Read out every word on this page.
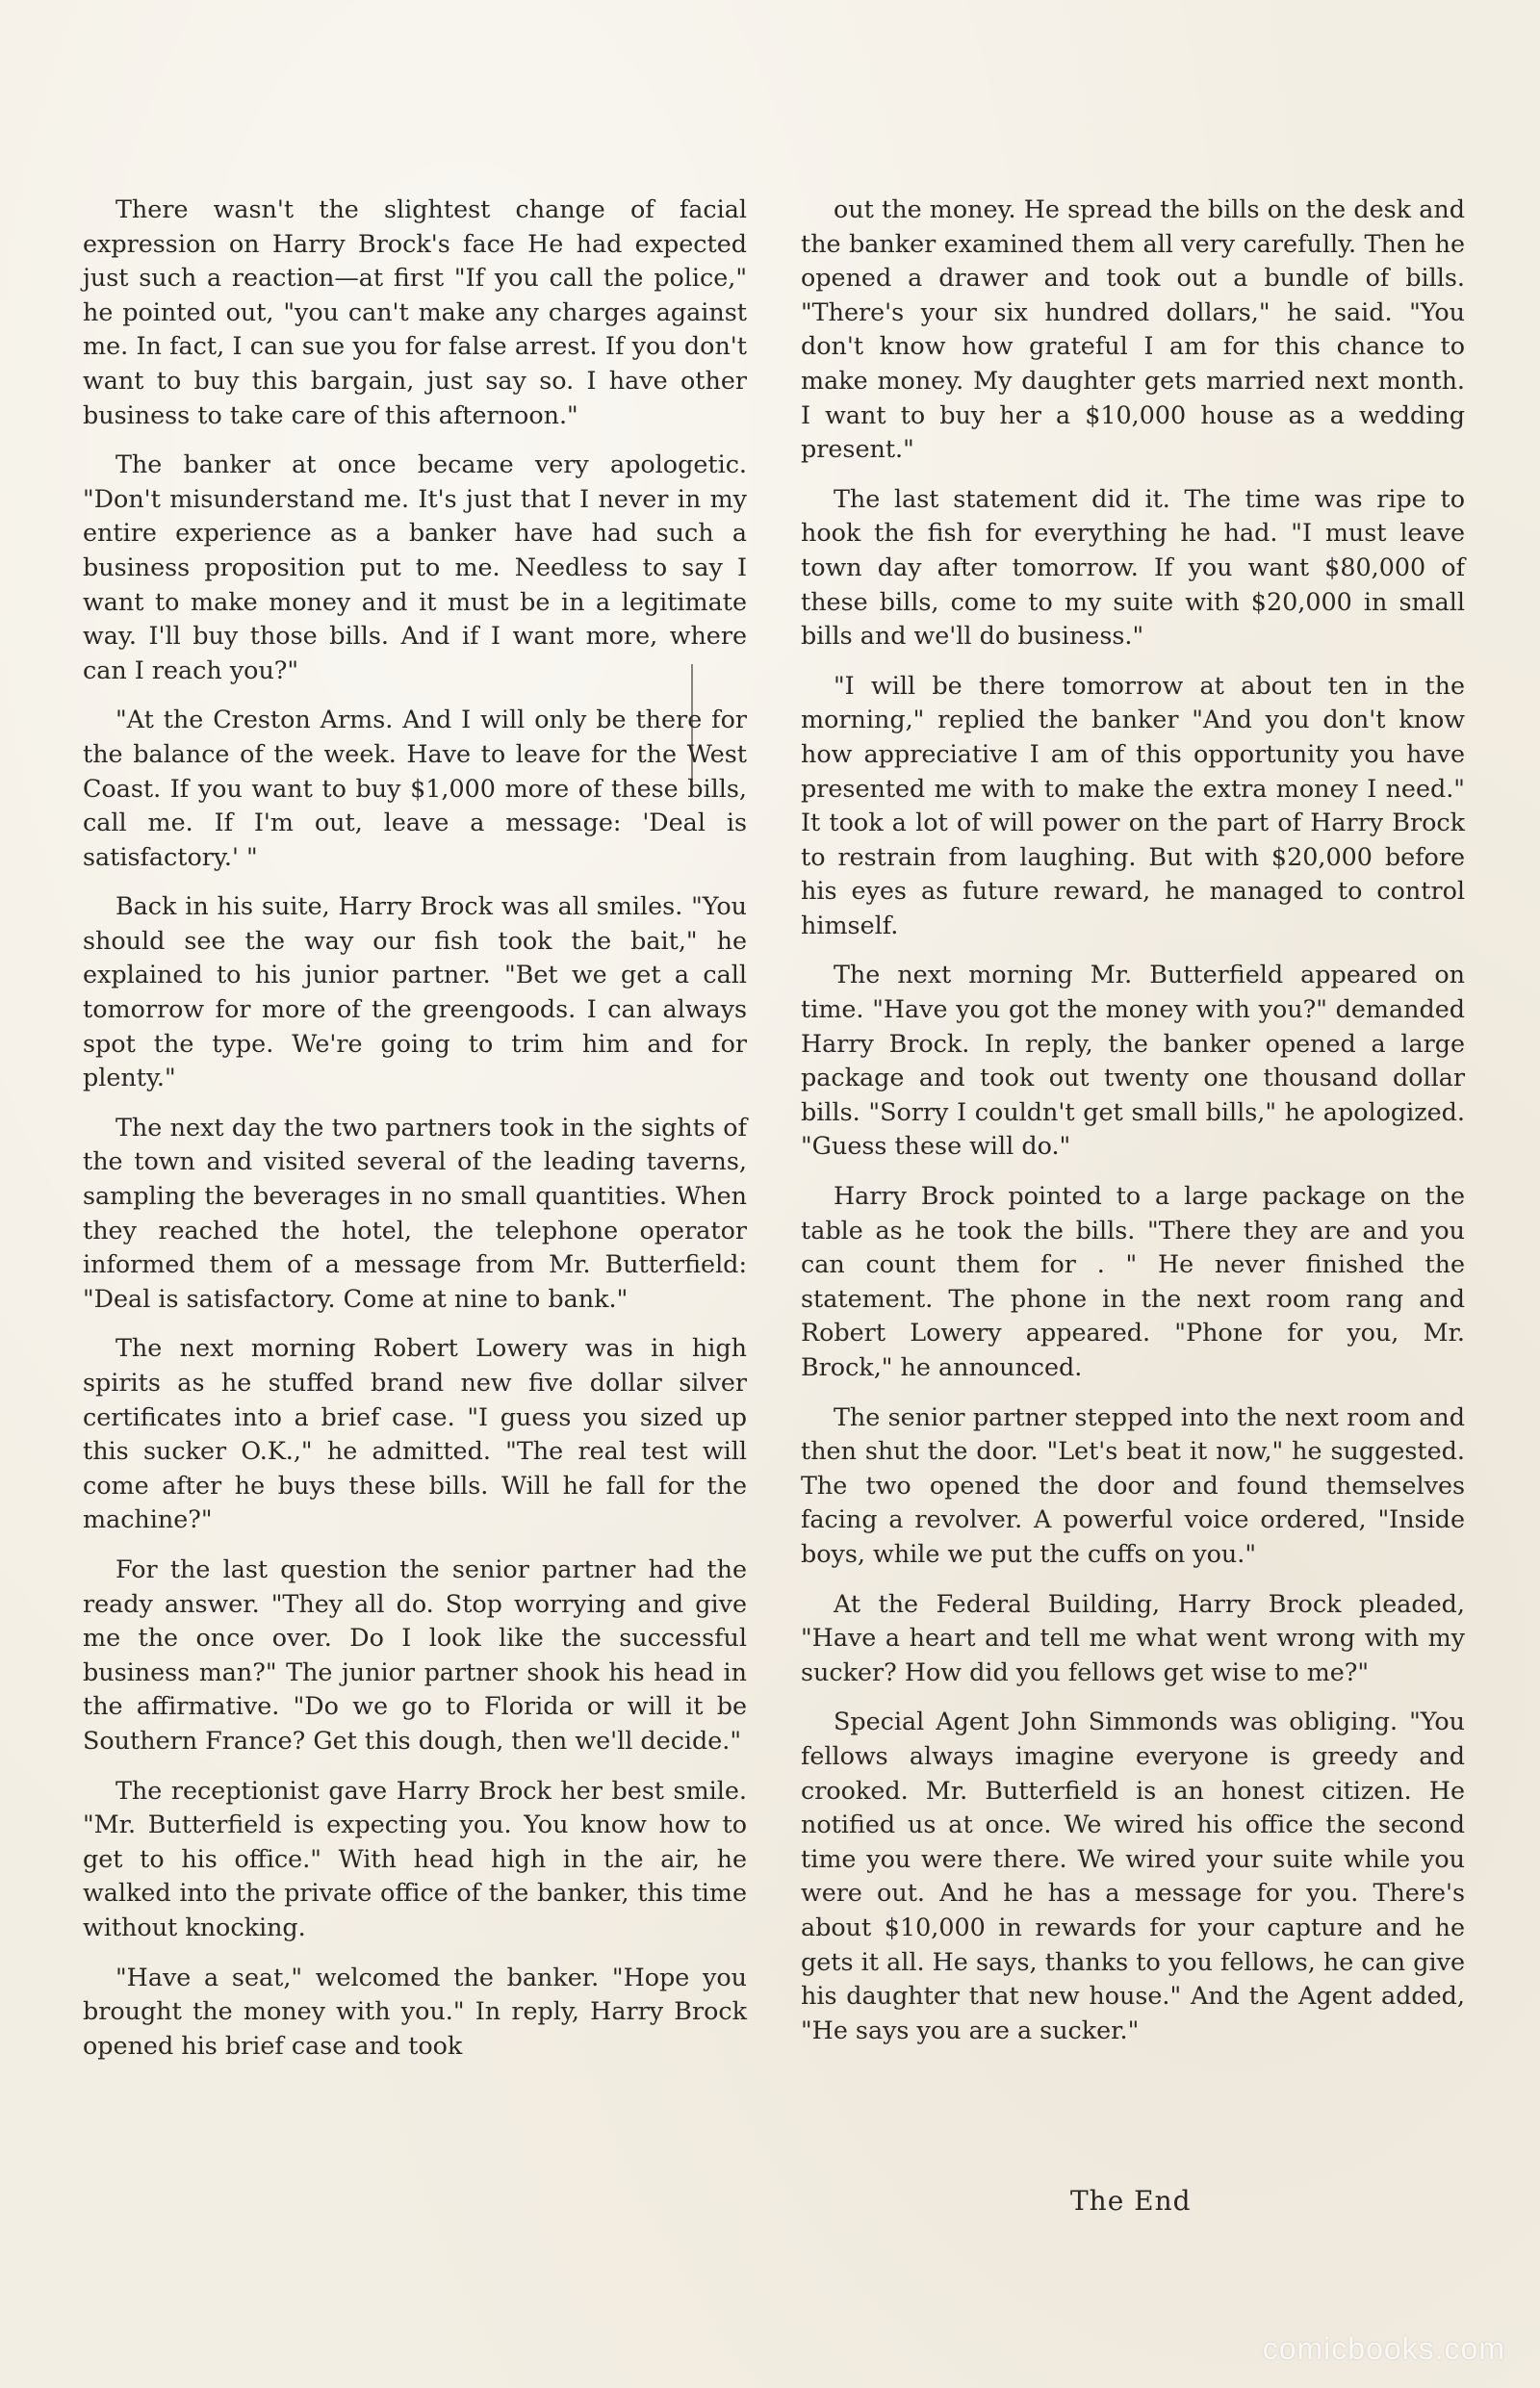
There wasn't the slightest change of facial expression on Harry Brock's face He had expected just such a reaction—at first "If you call the police," he pointed out, "you can't make any charges against me. In fact, I can sue you for false arrest. If you don't want to buy this bargain, just say so. I have other business to take care of this afternoon."

The banker at once became very apologetic. "Don't misunderstand me. It's just that I never in my entire experience as a banker have had such a business proposition put to me. Needless to say I want to make money and it must be in a legitimate way. I'll buy those bills. And if I want more, where can I reach you?"

"At the Creston Arms. And I will only be there for the balance of the week. Have to leave for the West Coast. If you want to buy $1,000 more of these bills, call me. If I'm out, leave a message: 'Deal is satisfactory.' "

Back in his suite, Harry Brock was all smiles. "You should see the way our fish took the bait," he explained to his junior partner. "Bet we get a call tomorrow for more of the greengoods. I can always spot the type. We're going to trim him and for plenty."

The next day the two partners took in the sights of the town and visited several of the leading taverns, sampling the beverages in no small quantities. When they reached the hotel, the telephone operator informed them of a message from Mr. Butterfield: "Deal is satisfactory. Come at nine to bank."

The next morning Robert Lowery was in high spirits as he stuffed brand new five dollar silver certificates into a brief case. "I guess you sized up this sucker O.K.," he admitted. "The real test will come after he buys these bills. Will he fall for the machine?"

For the last question the senior partner had the ready answer. "They all do. Stop worrying and give me the once over. Do I look like the successful business man?" The junior partner shook his head in the affirmative. "Do we go to Florida or will it be Southern France? Get this dough, then we'll decide."

The receptionist gave Harry Brock her best smile. "Mr. Butterfield is expecting you. You know how to get to his office." With head high in the air, he walked into the private office of the banker, this time without knocking.

"Have a seat," welcomed the banker. "Hope you brought the money with you." In reply, Harry Brock opened his brief case and took

out the money. He spread the bills on the desk and the banker examined them all very carefully. Then he opened a drawer and took out a bundle of bills. "There's your six hundred dollars," he said. "You don't know how grateful I am for this chance to make money. My daughter gets married next month. I want to buy her a $10,000 house as a wedding present."

The last statement did it. The time was ripe to hook the fish for everything he had. "I must leave town day after tomorrow. If you want $80,000 of these bills, come to my suite with $20,000 in small bills and we'll do business."

"I will be there tomorrow at about ten in the morning," replied the banker "And you don't know how appreciative I am of this opportunity you have presented me with to make the extra money I need." It took a lot of will power on the part of Harry Brock to restrain from laughing. But with $20,000 before his eyes as future reward, he managed to control himself.

The next morning Mr. Butterfield appeared on time. "Have you got the money with you?" demanded Harry Brock. In reply, the banker opened a large package and took out twenty one thousand dollar bills. "Sorry I couldn't get small bills," he apologized. "Guess these will do."

Harry Brock pointed to a large package on the table as he took the bills. "There they are and you can count them for . " He never finished the statement. The phone in the next room rang and Robert Lowery appeared. "Phone for you, Mr. Brock," he announced.

The senior partner stepped into the next room and then shut the door. "Let's beat it now," he suggested. The two opened the door and found themselves facing a revolver. A powerful voice ordered, "Inside boys, while we put the cuffs on you."

At the Federal Building, Harry Brock pleaded, "Have a heart and tell me what went wrong with my sucker? How did you fellows get wise to me?"

Special Agent John Simmonds was obliging. "You fellows always imagine everyone is greedy and crooked. Mr. Butterfield is an honest citizen. He notified us at once. We wired his office the second time you were there. We wired your suite while you were out. And he has a message for you. There's about $10,000 in rewards for your capture and he gets it all. He says, thanks to you fellows, he can give his daughter that new house." And the Agent added, "He says you are a sucker."

The End
comicbooks.com
